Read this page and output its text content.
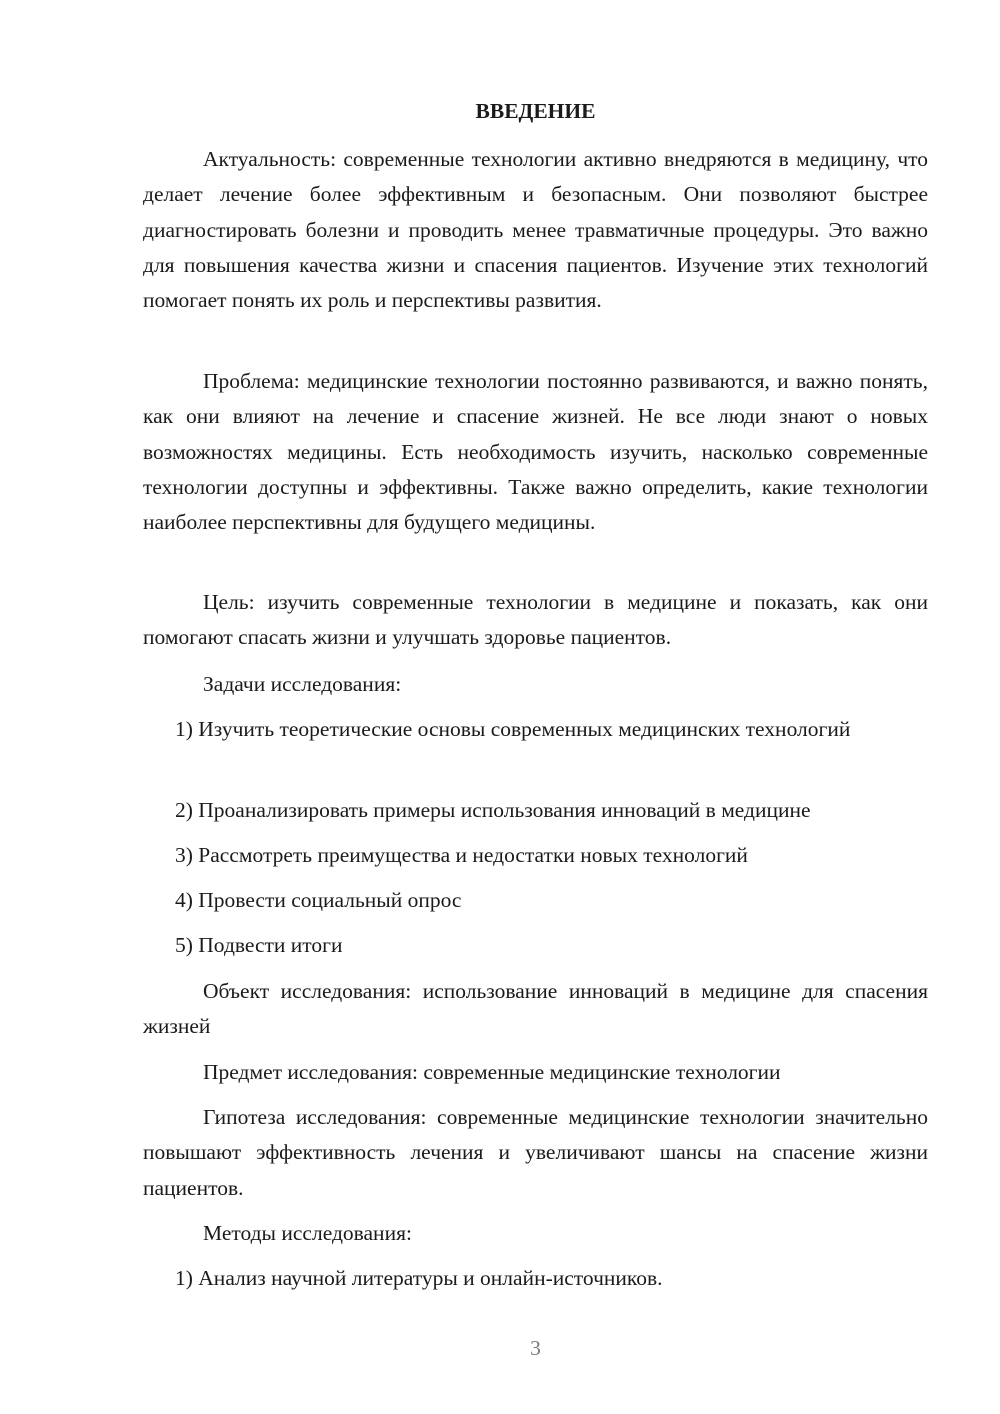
ВВЕДЕНИЕ

Актуальность: современные технологии активно внедряются в медицину, что делает лечение более эффективным и безопасным. Они позволяют быстрее диагностировать болезни и проводить менее травматичные процедуры. Это важно для повышения качества жизни и спасения пациентов. Изучение этих технологий помогает понять их роль и перспективы развития.

Проблема: медицинские технологии постоянно развиваются, и важно понять, как они влияют на лечение и спасение жизней. Не все люди знают о новых возможностях медицины. Есть необходимость изучить, насколько современные технологии доступны и эффективны. Также важно определить, какие технологии наиболее перспективны для будущего медицины.

Цель: изучить современные технологии в медицине и показать, как они помогают спасать жизни и улучшать здоровье пациентов.

Задачи исследования:

1) Изучить теоретические основы современных медицинских технологий

2) Проанализировать примеры использования инноваций в медицине

3) Рассмотреть преимущества и недостатки новых технологий

4) Провести социальный опрос

5) Подвести итоги

Объект исследования: использование инноваций в медицине для спасения жизней

Предмет исследования: современные медицинские технологии

Гипотеза исследования: современные медицинские технологии значительно повышают эффективность лечения и увеличивают шансы на спасение жизни пациентов.

Методы исследования:

1) Анализ научной литературы и онлайн-источников.

3
